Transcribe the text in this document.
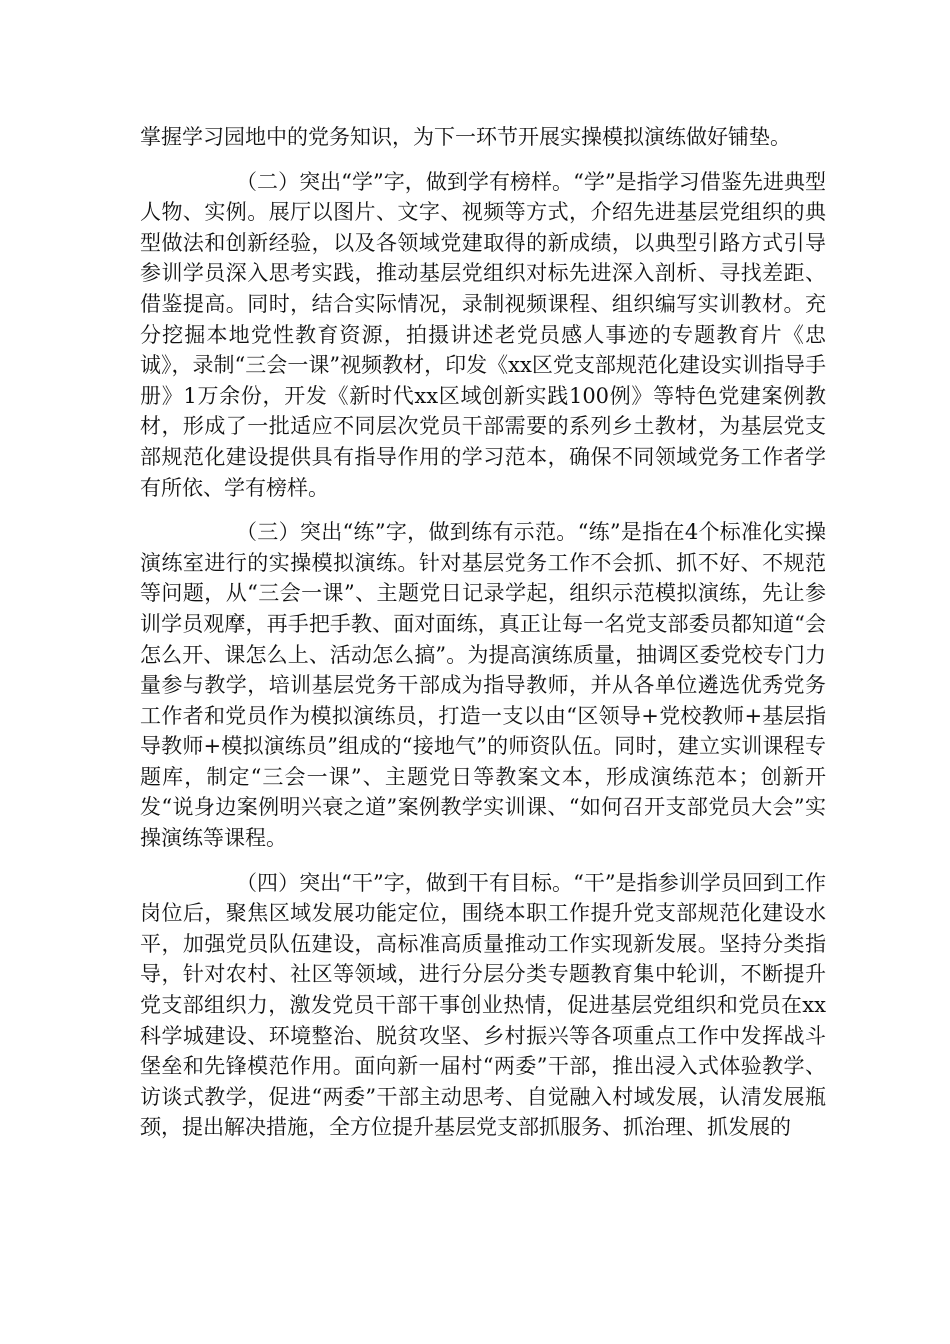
掌握学习园地中的党务知识，为下一环节开展实操模拟演练做好铺垫。

（二）突出“学”字，做到学有榜样。“学”是指学习借鉴先进典型人物、实例。展厅以图片、文字、视频等方式，介绍先进基层党组织的典型做法和创新经验，以及各领域党建取得的新成绩，以典型引路方式引导参训学员深入思考实践，推动基层党组织对标先进深入剖析、寻找差距、借鉴提高。同时，结合实际情况，录制视频课程、组织编写实训教材。充分挖掘本地党性教育资源，拍摄讲述老党员感人事迹的专题教育片《忠诚》，录制“三会一课”视频教材，印发《xx区党支部规范化建设实训指导手册》1万余份，开发《新时代xx区域创新实践100例》等特色党建案例教材，形成了一批适应不同层次党员干部需要的系列乡土教材，为基层党支部规范化建设提供具有指导作用的学习范本，确保不同领域党务工作者学有所依、学有榜样。

（三）突出“练”字，做到练有示范。“练”是指在4个标准化实操演练室进行的实操模拟演练。针对基层党务工作不会抓、抓不好、不规范等问题，从“三会一课”、主题党日记录学起，组织示范模拟演练，先让参训学员观摩，再手把手教、面对面练，真正让每一名党支部委员都知道“会怎么开、课怎么上、活动怎么搞”。为提高演练质量，抽调区委党校专门力量参与教学，培训基层党务干部成为指导教师，并从各单位遴选优秀党务工作者和党员作为模拟演练员，打造一支以由“区领导+党校教师+基层指导教师+模拟演练员”组成的“接地气”的师资队伍。同时，建立实训课程专题库，制定“三会一课”、主题党日等教案文本，形成演练范本；创新开发“说身边案例明兴衰之道”案例教学实训课、“如何召开支部党员大会”实操演练等课程。

（四）突出“干”字，做到干有目标。“干”是指参训学员回到工作岗位后，聚焦区域发展功能定位，围绕本职工作提升党支部规范化建设水平，加强党员队伍建设，高标准高质量推动工作实现新发展。坚持分类指导，针对农村、社区等领域，进行分层分类专题教育集中轮训，不断提升党支部组织力，激发党员干部干事创业热情，促进基层党组织和党员在xx科学城建设、环境整治、脱贫攻坚、乡村振兴等各项重点工作中发挥战斗堡垒和先锋模范作用。面向新一届村“两委”干部，推出浸入式体验教学、访谈式教学，促进“两委”干部主动思考、自觉融入村域发展，认清发展瓶颈，提出解决措施，全方位提升基层党支部抓服务、抓治理、抓发展的
